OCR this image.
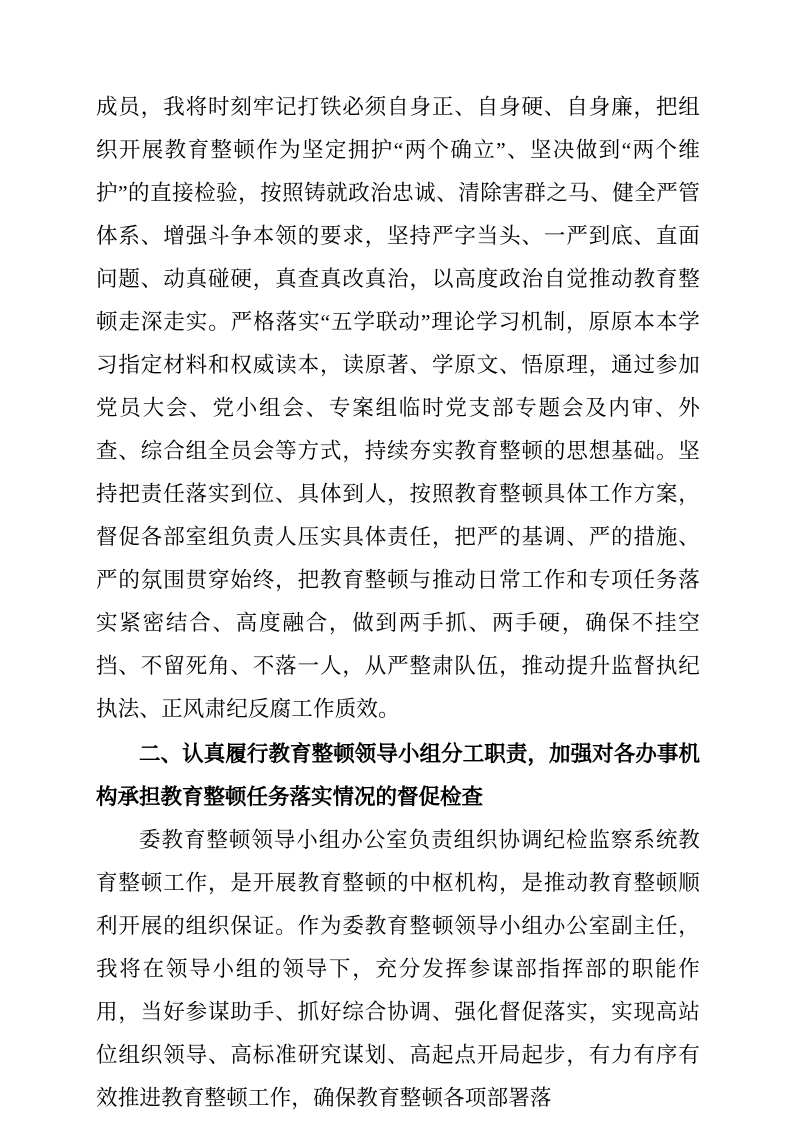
成员，我将时刻牢记打铁必须自身正、自身硬、自身廉，把组织开展教育整顿作为坚定拥护“两个确立”、坚决做到“两个维护”的直接检验，按照铸就政治忠诚、清除害群之马、健全严管体系、增强斗争本领的要求，坚持严字当头、一严到底、直面问题、动真碰硬，真查真改真治，以高度政治自觉推动教育整顿走深走实。严格落实“五学联动”理论学习机制，原原本本学习指定材料和权威读本，读原著、学原文、悟原理，通过参加党员大会、党小组会、专案组临时党支部专题会及内审、外查、综合组全员会等方式，持续夯实教育整顿的思想基础。坚持把责任落实到位、具体到人，按照教育整顿具体工作方案，督促各部室组负责人压实具体责任，把严的基调、严的措施、严的氛围贯穿始终，把教育整顿与推动日常工作和专项任务落实紧密结合、高度融合，做到两手抓、两手硬，确保不挂空挡、不留死角、不落一人，从严整肃队伍，推动提升监督执纪执法、正风肃纪反腐工作质效。

二、认真履行教育整顿领导小组分工职责，加强对各办事机构承担教育整顿任务落实情况的督促检查

委教育整顿领导小组办公室负责组织协调纪检监察系统教育整顿工作，是开展教育整顿的中枢机构，是推动教育整顿顺利开展的组织保证。作为委教育整顿领导小组办公室副主任，我将在领导小组的领导下，充分发挥参谋部指挥部的职能作用，当好参谋助手、抓好综合协调、强化督促落实，实现高站位组织领导、高标准研究谋划、高起点开局起步，有力有序有效推进教育整顿工作，确保教育整顿各项部署落
